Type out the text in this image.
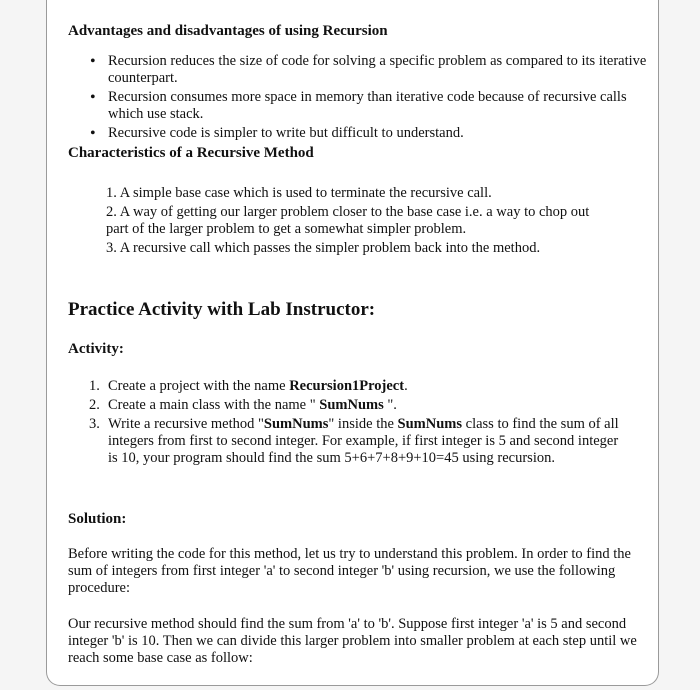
Advantages and disadvantages of using Recursion
• Recursion reduces the size of code for solving a specific problem as compared to its iterative counterpart.
• Recursion consumes more space in memory than iterative code because of recursive calls which use stack.
• Recursive code is simpler to write but difficult to understand.
Characteristics of a Recursive Method
1. A simple base case which is used to terminate the recursive call.
2. A way of getting our larger problem closer to the base case i.e. a way to chop out part of the larger problem to get a somewhat simpler problem.
3. A recursive call which passes the simpler problem back into the method.
Practice Activity with Lab Instructor:
Activity:
1. Create a project with the name Recursion1Project.
2. Create a main class with the name " SumNums ".
3. Write a recursive method "SumNums" inside the SumNums class to find the sum of all integers from first to second integer. For example, if first integer is 5 and second integer is 10, your program should find the sum 5+6+7+8+9+10=45 using recursion.
Solution:

Before writing the code for this method, let us try to understand this problem. In order to find the sum of integers from first integer 'a' to second integer 'b' using recursion, we use the following procedure:

Our recursive method should find the sum from 'a' to 'b'. Suppose first integer 'a' is 5 and second integer 'b' is 10. Then we can divide this larger problem into smaller problem at each step until we reach some base case as follow:
